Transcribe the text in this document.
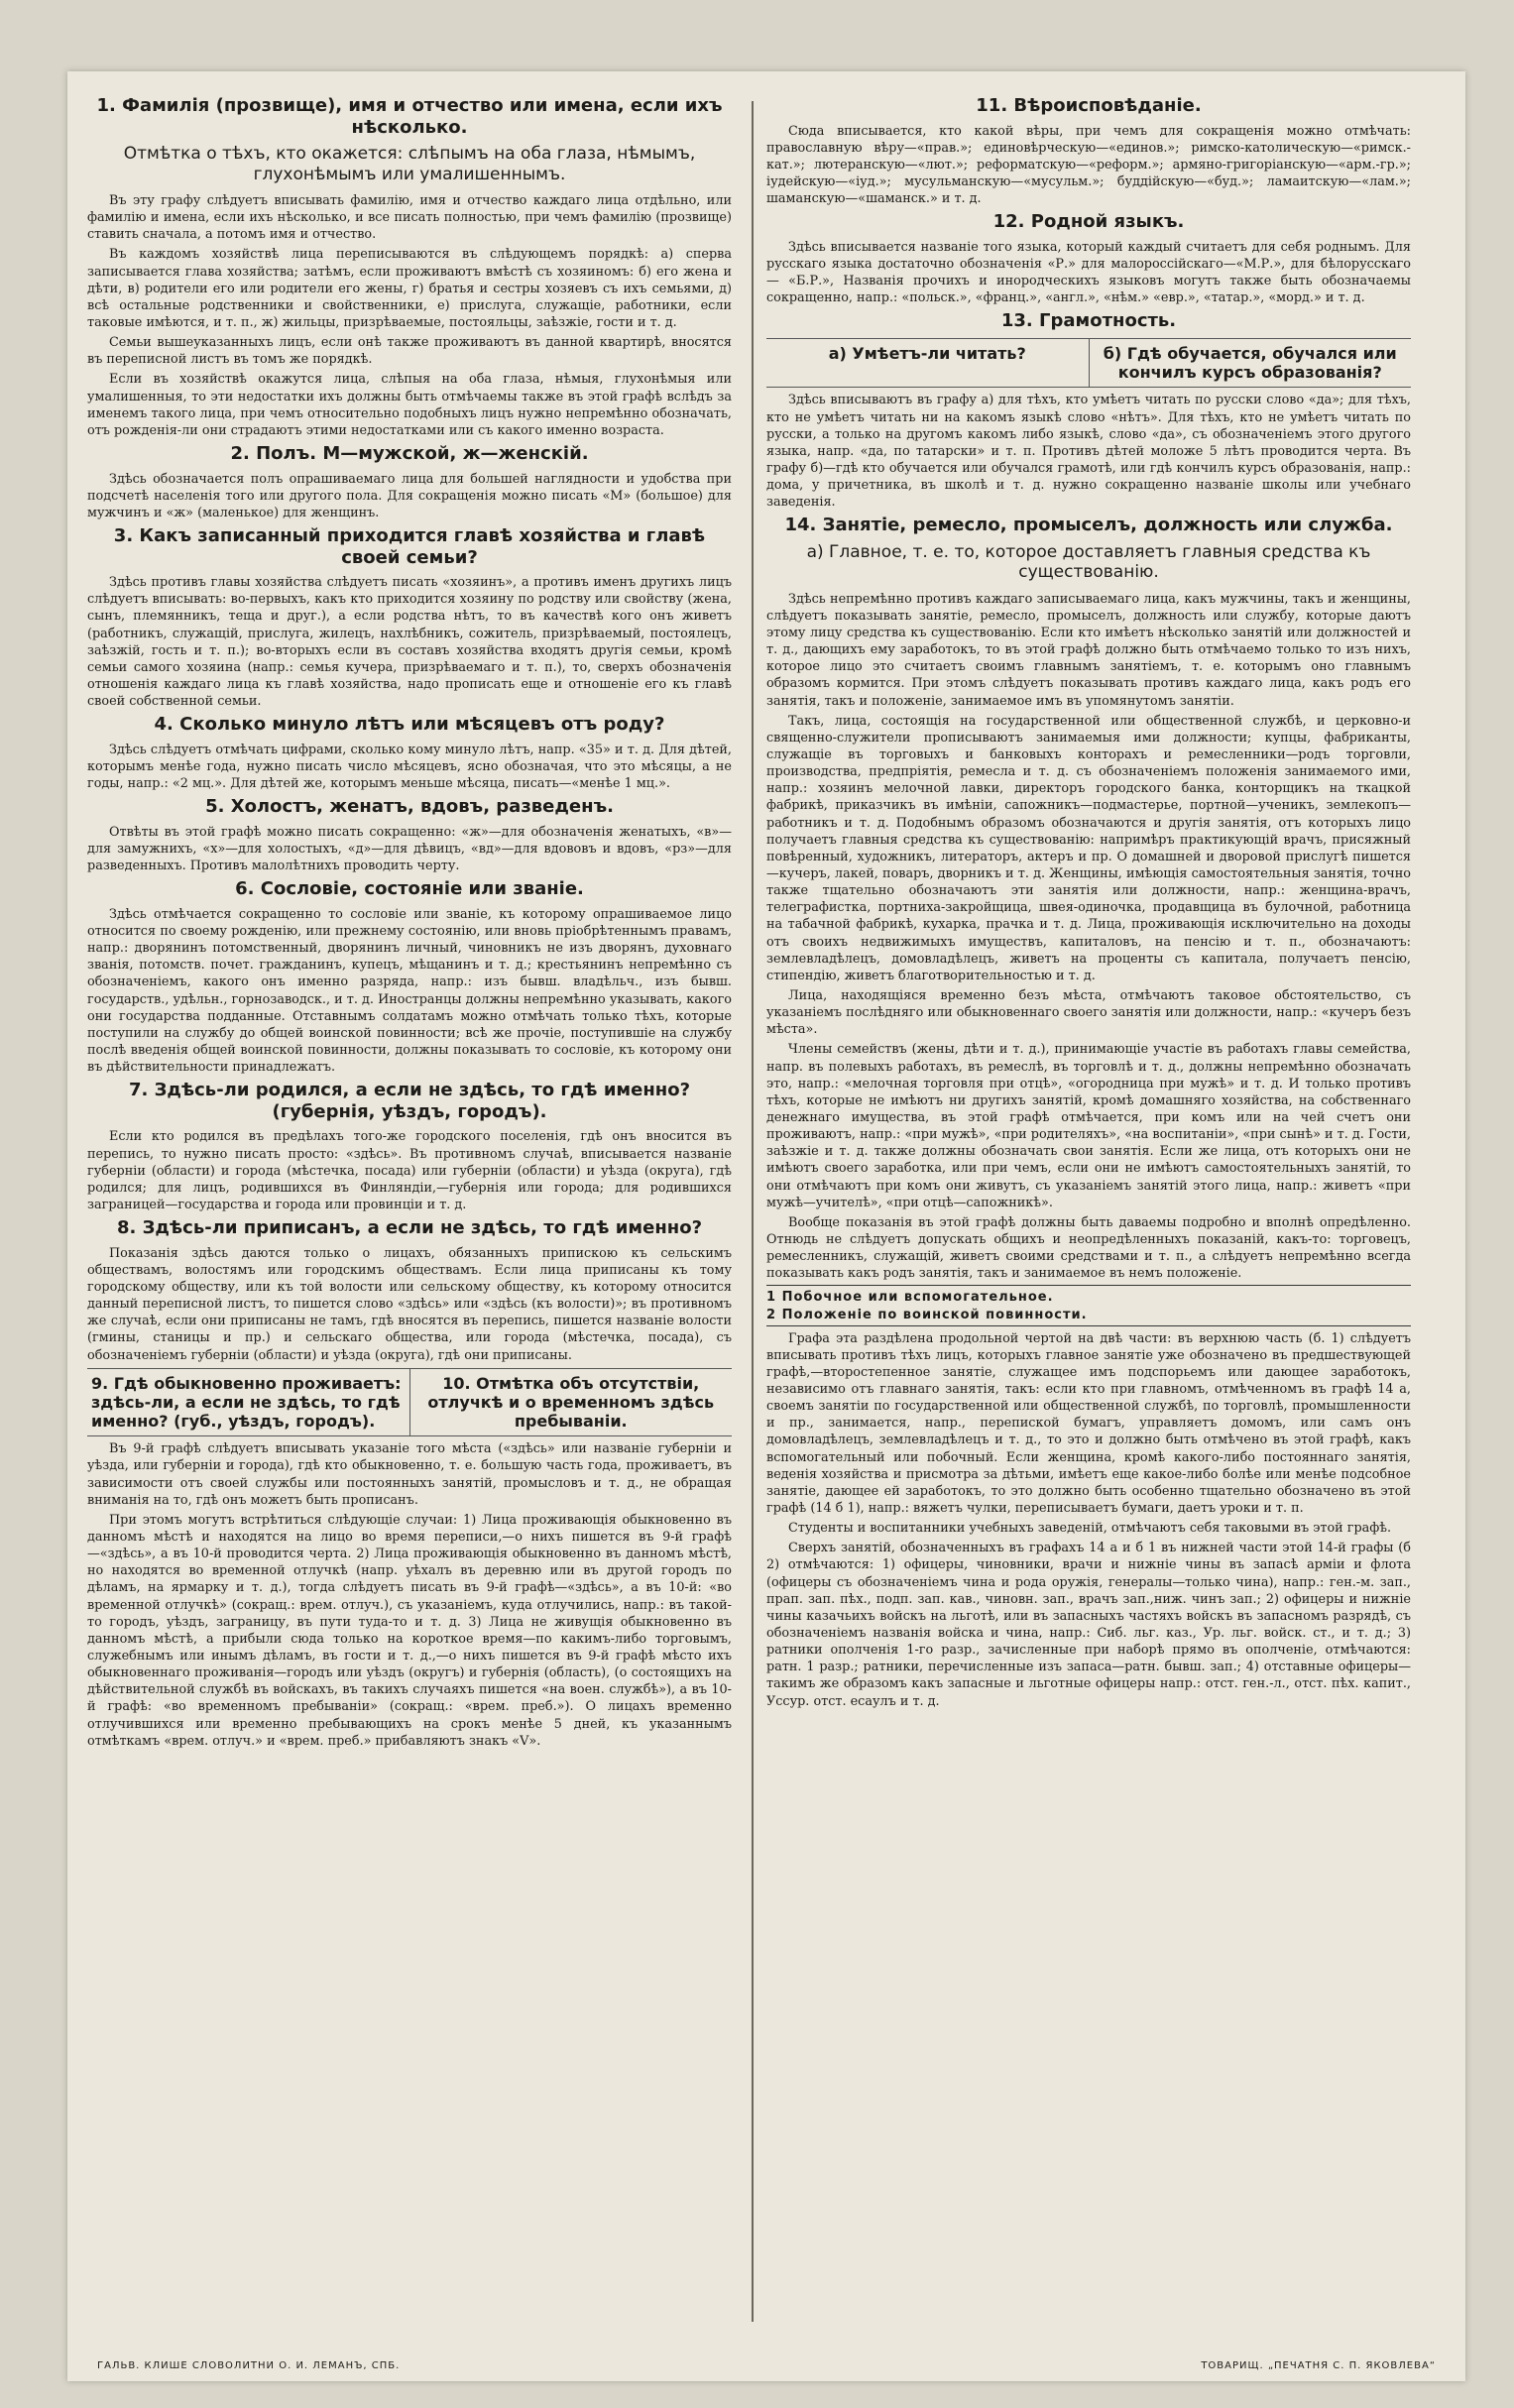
1. Фамилія (прозвище), имя и отчество или имена, если ихъ нѣсколько.
Отмѣтка о тѣхъ, кто окажется: слѣпымъ на оба глаза, нѣмымъ, глухонѣмымъ или умалишеннымъ.

Въ эту графу слѣдуетъ вписывать фамилію, имя и отчество каждаго лица отдѣльно, или фамилію и имена, если ихъ нѣсколько, и все писать полностью, при чемъ фамилію (прозвище) ставить сначала, а потомъ имя и отчество.

Въ каждомъ хозяйствѣ лица переписываются въ слѣдующемъ порядкѣ: а) сперва записывается глава хозяйства; затѣмъ, если проживаютъ вмѣстѣ съ хозяиномъ: б) его жена и дѣти, в) родители его или родители его жены, г) братья и сестры хозяевъ съ ихъ семьями, д) всѣ остальные родственники и свойственники, е) прислуга, служащіе, работники, если таковые имѣются, и т. п., ж) жильцы, призрѣваемые, постояльцы, заѣзжіе, гости и т. д.

Семьи вышеуказанныхъ лицъ, если онѣ также проживаютъ въ данной квартирѣ, вносятся въ переписной листъ въ томъ же порядкѣ.

Если въ хозяйствѣ окажутся лица, слѣпыя на оба глаза, нѣмыя, глухонѣмыя или умалишенныя, то эти недостатки ихъ должны быть отмѣчаемы также въ этой графѣ вслѣдъ за именемъ такого лица, при чемъ относительно подобныхъ лицъ нужно непремѣнно обозначать, отъ рожденія-ли они страдаютъ этими недостатками или съ какого именно возраста.

2. Полъ. М—мужской, ж—женскій.

Здѣсь обозначается полъ опрашиваемаго лица для большей наглядности и удобства при подсчетѣ населенія того или другого пола. Для сокращенія можно писать «М» (большое) для мужчинъ и «ж» (маленькое) для женщинъ.

3. Какъ записанный приходится главѣ хозяйства и главѣ своей семьи?

Здѣсь противъ главы хозяйства слѣдуетъ писать «хозяинъ», а противъ именъ другихъ лицъ слѣдуетъ вписывать: во-первыхъ, какъ кто приходится хозяину по родству или свойству (жена, сынъ, племянникъ, теща и друг.), а если родства нѣтъ, то въ качествѣ кого онъ живетъ (работникъ, служащій, прислуга, жилецъ, нахлѣбникъ, сожитель, призрѣваемый, постоялецъ, заѣзжій, гость и т. п.); во-вторыхъ если въ составъ хозяйства входятъ другія семьи, кромѣ семьи самого хозяина (напр.: семья кучера, призрѣваемаго и т. п.), то, сверхъ обозначенія отношенія каждаго лица къ главѣ хозяйства, надо прописать еще и отношеніе его къ главѣ своей собственной семьи.

4. Сколько минуло лѣтъ или мѣсяцевъ отъ роду?

Здѣсь слѣдуетъ отмѣчать цифрами, сколько кому минуло лѣтъ, напр. «35» и т. д. Для дѣтей, которымъ менѣе года, нужно писать число мѣсяцевъ, ясно обозначая, что это мѣсяцы, а не годы, напр.: «2 мц.». Для дѣтей же, которымъ меньше мѣсяца, писать—«менѣе 1 мц.».

5. Холостъ, женатъ, вдовъ, разведенъ.

Отвѣты въ этой графѣ можно писать сокращенно: «ж»—для обозначенія женатыхъ, «в»—для замужнихъ, «х»—для холостыхъ, «д»—для дѣвицъ, «вд»—для вдововъ и вдовъ, «рз»—для разведенныхъ. Противъ малолѣтнихъ проводить черту.

6. Сословіе, состояніе или званіе.

Здѣсь отмѣчается сокращенно то сословіе или званіе, къ которому опрашиваемое лицо относится по своему рожденію, или прежнему состоянію, или вновь пріобрѣтеннымъ правамъ, напр.: дворянинъ потомственный, дворянинъ личный, чиновникъ не изъ дворянъ, духовнаго званія, потомств. почет. гражданинъ, купецъ, мѣщанинъ и т. д.; крестьянинъ непремѣнно съ обозначеніемъ, какого онъ именно разряда, напр.: изъ бывш. владѣльч., изъ бывш. государств., удѣльн., горнозаводск., и т. д. Иностранцы должны непремѣнно указывать, какого они государства подданные. Отставнымъ солдатамъ можно отмѣчать только тѣхъ, которые поступили на службу до общей воинской повинности; всѣ же прочіе, поступившіе на службу послѣ введенія общей воинской повинности, должны показывать то сословіе, къ которому они въ дѣйствительности принадлежатъ.

7. Здѣсь-ли родился, а если не здѣсь, то гдѣ именно? (губернія, уѣздъ, городъ).

Если кто родился въ предѣлахъ того-же городского поселенія, гдѣ онъ вносится въ перепись, то нужно писать просто: «здѣсь». Въ противномъ случаѣ, вписывается названіе губерніи (области) и города (мѣстечка, посада) или губерніи (области) и уѣзда (округа), гдѣ родился; для лицъ, родившихся въ Финляндіи,—губернія или города; для родившихся заграницей—государства и города или провинціи и т. д.

8. Здѣсь-ли приписанъ, а если не здѣсь, то гдѣ именно?

Показанія здѣсь даются только о лицахъ, обязанныхъ припискою къ сельскимъ обществамъ, волостямъ или городскимъ обществамъ. Если лица приписаны къ тому городскому обществу, или къ той волости или сельскому обществу, къ которому относится данный переписной листъ, то пишется слово «здѣсь» или «здѣсь (къ волости)»; въ противномъ же случаѣ, если они приписаны не тамъ, гдѣ вносятся въ перепись, пишется названіе волости (гмины, станицы и пр.) и сельскаго общества, или города (мѣстечка, посада), съ обозначеніемъ губерніи (области) и уѣзда (округа), гдѣ они приписаны.

9. Гдѣ обыкновенно проживаетъ: здѣсь-ли, а если не здѣсь, то гдѣ именно? (губ., уѣздъ, городъ).
10. Отмѣтка объ отсутствіи, отлучкѣ и о временномъ здѣсь пребываніи.

Въ 9-й графѣ слѣдуетъ вписывать указаніе того мѣста («здѣсь» или названіе губерніи и уѣзда, или губерніи и города), гдѣ кто обыкновенно, т. е. большую часть года, проживаетъ, въ зависимости отъ своей службы или постоянныхъ занятій, промысловъ и т. д., не обращая вниманія на то, гдѣ онъ можетъ быть прописанъ.

При этомъ могутъ встрѣтиться слѣдующіе случаи: 1) Лица проживающія обыкновенно въ данномъ мѣстѣ и находятся на лицо во время переписи,—о нихъ пишется въ 9-й графѣ—«здѣсь», а въ 10-й проводится черта. 2) Лица проживающія обыкновенно въ данномъ мѣстѣ, но находятся во временной отлучкѣ (напр. уѣхалъ въ деревню или въ другой городъ по дѣламъ, на ярмарку и т. д.), тогда слѣдуетъ писать въ 9-й графѣ—«здѣсь», а въ 10-й: «во временной отлучкѣ» (сокращ.: врем. отлуч.), съ указаніемъ, куда отлучились, напр.: въ такой-то городъ, уѣздъ, заграницу, въ пути туда-то и т. д. 3) Лица не живущія обыкновенно въ данномъ мѣстѣ, а прибыли сюда только на короткое время—по какимъ-либо торговымъ, служебнымъ или инымъ дѣламъ, въ гости и т. д.,—о нихъ пишется въ 9-й графѣ мѣсто ихъ обыкновеннаго проживанія—городъ или уѣздъ (округъ) и губернія (область), (о состоящихъ на дѣйствительной службѣ въ войскахъ, въ такихъ случаяхъ пишется «на воен. службѣ»), а въ 10-й графѣ: «во временномъ пребываніи» (сокращ.: «врем. преб.»). О лицахъ временно отлучившихся или временно пребывающихъ на срокъ менѣе 5 дней, къ указаннымъ отмѣткамъ «врем. отлуч.» и «врем. преб.» прибавляютъ знакъ «V».

11. Вѣроисповѣданіе.

Сюда вписывается, кто какой вѣры, при чемъ для сокращенія можно отмѣчать: православную вѣру—«прав.»; единовѣрческую—«единов.»; римско-католическую—«римск.-кат.»; лютеранскую—«лют.»; реформатскую—«реформ.»; армяно-григоріанскую—«арм.-гр.»; іудейскую—«іуд.»; мусульманскую—«мусульм.»; буддійскую—«буд.»; ламаитскую—«лам.»; шаманскую—«шаманск.» и т. д.

12. Родной языкъ.

Здѣсь вписывается названіе того языка, который каждый считаетъ для себя роднымъ. Для русскаго языка достаточно обозначенія «Р.» для малороссійскаго—«М.Р.», для бѣлорусскаго — «Б.Р.», Названія прочихъ и инородческихъ языковъ могутъ также быть обозначаемы сокращенно, напр.: «польск.», «франц.», «англ.», «нѣм.» «евр.», «татар.», «морд.» и т. д.

13. Грамотность.
а) Умѣетъ-ли читать?	б) Гдѣ обучается, обучался или кончилъ курсъ образованія?

Здѣсь вписываютъ въ графу а) для тѣхъ, кто умѣетъ читать по русски слово «да»; для тѣхъ, кто не умѣетъ читать ни на какомъ языкѣ слово «нѣтъ». Для тѣхъ, кто не умѣетъ читать по русски, а только на другомъ какомъ либо языкѣ, слово «да», съ обозначеніемъ этого другого языка, напр. «да, по татарски» и т. п. Противъ дѣтей моложе 5 лѣтъ проводится черта. Въ графу б)—гдѣ кто обучается или обучался грамотѣ, или гдѣ кончилъ курсъ образованія, напр.: дома, у причетника, въ школѣ и т. д. нужно сокращенно названіе школы или учебнаго заведенія.

14. Занятіе, ремесло, промыселъ, должность или служба.
а) Главное, т. е. то, которое доставляетъ главныя средства къ существованію.

Здѣсь непремѣнно противъ каждаго записываемаго лица, какъ мужчины, такъ и женщины, слѣдуетъ показывать занятіе, ремесло, промыселъ, должность или службу, которые даютъ этому лицу средства къ существованію. Если кто имѣетъ нѣсколько занятій или должностей и т. д., дающихъ ему заработокъ, то въ этой графѣ должно быть отмѣчаемо только то изъ нихъ, которое лицо это считаетъ своимъ главнымъ занятіемъ, т. е. которымъ оно главнымъ образомъ кормится. При этомъ слѣдуетъ показывать противъ каждаго лица, какъ родъ его занятія, такъ и положеніе, занимаемое имъ въ упомянутомъ занятіи.

Такъ, лица, состоящія на государственной или общественной службѣ, и церковно-и священно-служители прописываютъ занимаемыя ими должности; купцы, фабриканты, служащіе въ торговыхъ и банковыхъ конторахъ и ремесленники—родъ торговли, производства, предпріятія, ремесла и т. д. съ обозначеніемъ положенія занимаемого ими, напр.: хозяинъ мелочной лавки, директоръ городского банка, конторщикъ на ткацкой фабрикѣ, приказчикъ въ имѣніи, сапожникъ—подмастерье, портной—ученикъ, землекопъ—работникъ и т. д. Подобнымъ образомъ обозначаются и другія занятія, отъ которыхъ лицо получаетъ главныя средства къ существованію: напримѣръ практикующій врачъ, присяжный повѣренный, художникъ, литераторъ, актеръ и пр. О домашней и дворовой прислугѣ пишется—кучеръ, лакей, поваръ, дворникъ и т. д. Женщины, имѣющія самостоятельныя занятія, точно также тщательно обозначаютъ эти занятія или должности, напр.: женщина-врачъ, телеграфистка, портниха-закройщица, швея-одиночка, продавщица въ булочной, работница на табачной фабрикѣ, кухарка, прачка и т. д. Лица, проживающія исключительно на доходы отъ своихъ недвижимыхъ имуществъ, капиталовъ, на пенсію и т. п., обозначаютъ: землевладѣлецъ, домовладѣлецъ, живетъ на проценты съ капитала, получаетъ пенсію, стипендію, живетъ благотворительностью и т. д.

Лица, находящіяся временно безъ мѣста, отмѣчаютъ таковое обстоятельство, съ указаніемъ послѣдняго или обыкновеннаго своего занятія или должности, напр.: «кучеръ безъ мѣста».

Члены семействъ (жены, дѣти и т. д.), принимающіе участіе въ работахъ главы семейства, напр. въ полевыхъ работахъ, въ ремеслѣ, въ торговлѣ и т. д., должны непремѣнно обозначать это, напр.: «мелочная торговля при отцѣ», «огородница при мужѣ» и т. д. И только противъ тѣхъ, которые не имѣютъ ни другихъ занятій, кромѣ домашняго хозяйства, на собственнаго денежнаго имущества, въ этой графѣ отмѣчается, при комъ или на чей счетъ они проживаютъ, напр.: «при мужѣ», «при родителяхъ», «на воспитаніи», «при сынѣ» и т. д. Гости, заѣзжіе и т. д. также должны обозначать свои занятія. Если же лица, отъ которыхъ они не имѣютъ своего заработка, или при чемъ, если они не имѣютъ самостоятельныхъ занятій, то они отмѣчаютъ при комъ они живутъ, съ указаніемъ занятій этого лица, напр.: живетъ «при мужѣ—учителѣ», «при отцѣ—сапожникѣ».

Вообще показанія въ этой графѣ должны быть даваемы подробно и вполнѣ опредѣленно. Отнюдь не слѣдуетъ допускать общихъ и неопредѣленныхъ показаній, какъ-то: торговецъ, ремесленникъ, служащій, живетъ своими средствами и т. п., а слѣдуетъ непремѣнно всегда показывать какъ родъ занятія, такъ и занимаемое въ немъ положеніе.

1 Побочное или вспомогательное.
2 Положеніе по воинской повинности.

Графа эта раздѣлена продольной чертой на двѣ части: въ верхнюю часть (б. 1) слѣдуетъ вписывать противъ тѣхъ лицъ, которыхъ главное занятіе уже обозначено въ предшествующей графѣ,—второстепенное занятіе, служащее имъ подспорьемъ или дающее заработокъ, независимо отъ главнаго занятія, такъ: если кто при главномъ, отмѣченномъ въ графѣ 14 а, своемъ занятіи по государственной или общественной службѣ, по торговлѣ, промышленности и пр., занимается, напр., перепиской бумагъ, управляетъ домомъ, или самъ онъ домовладѣлецъ, землевладѣлецъ и т. д., то это и должно быть отмѣчено въ этой графѣ, какъ вспомогательный или побочный. Если женщина, кромѣ какого-либо постояннаго занятія, веденія хозяйства и присмотра за дѣтьми, имѣетъ еще какое-либо болѣе или менѣе подсобное занятіе, дающее ей заработокъ, то это должно быть особенно тщательно обозначено въ этой графѣ (14 б 1), напр.: вяжетъ чулки, переписываетъ бумаги, даетъ уроки и т. п.

Студенты и воспитанники учебныхъ заведеній, отмѣчаютъ себя таковыми въ этой графѣ.

Сверхъ занятій, обозначенныхъ въ графахъ 14 а и б 1 въ нижней части этой 14-й графы (б 2) отмѣчаются: 1) офицеры, чиновники, врачи и нижніе чины въ запасѣ арміи и флота (офицеры съ обозначеніемъ чина и рода оружія, генералы—только чина), напр.: ген.-м. зап., прап. зап. пѣх., подп. зап. кав., чиновн. зап., врачъ зап.,ниж. чинъ зап.; 2) офицеры и нижніе чины казачьихъ войскъ на льготѣ, или въ запасныхъ частяхъ войскъ въ запасномъ разрядѣ, съ обозначеніемъ названія войска и чина, напр.: Сиб. льг. каз., Ур. льг. войск. ст., и т. д.; 3) ратники ополченія 1-го разр., зачисленные при наборѣ прямо въ ополченіе, отмѣчаются: ратн. 1 разр.; ратники, перечисленные изъ запаса—ратн. бывш. зап.; 4) отставные офицеры—такимъ же образомъ какъ запасные и льготные офицеры напр.: отст. ген.-л., отст. пѣх. капит., Уссур. отст. есаулъ и т. д.

ГАЛЬВ. КЛИШЕ СЛОВОЛИТНИ О. И. ЛЕМАНЪ, СПБ.	ТОВАРИЩ. „ПЕЧАТНЯ С. П. ЯКОВЛЕВА“
